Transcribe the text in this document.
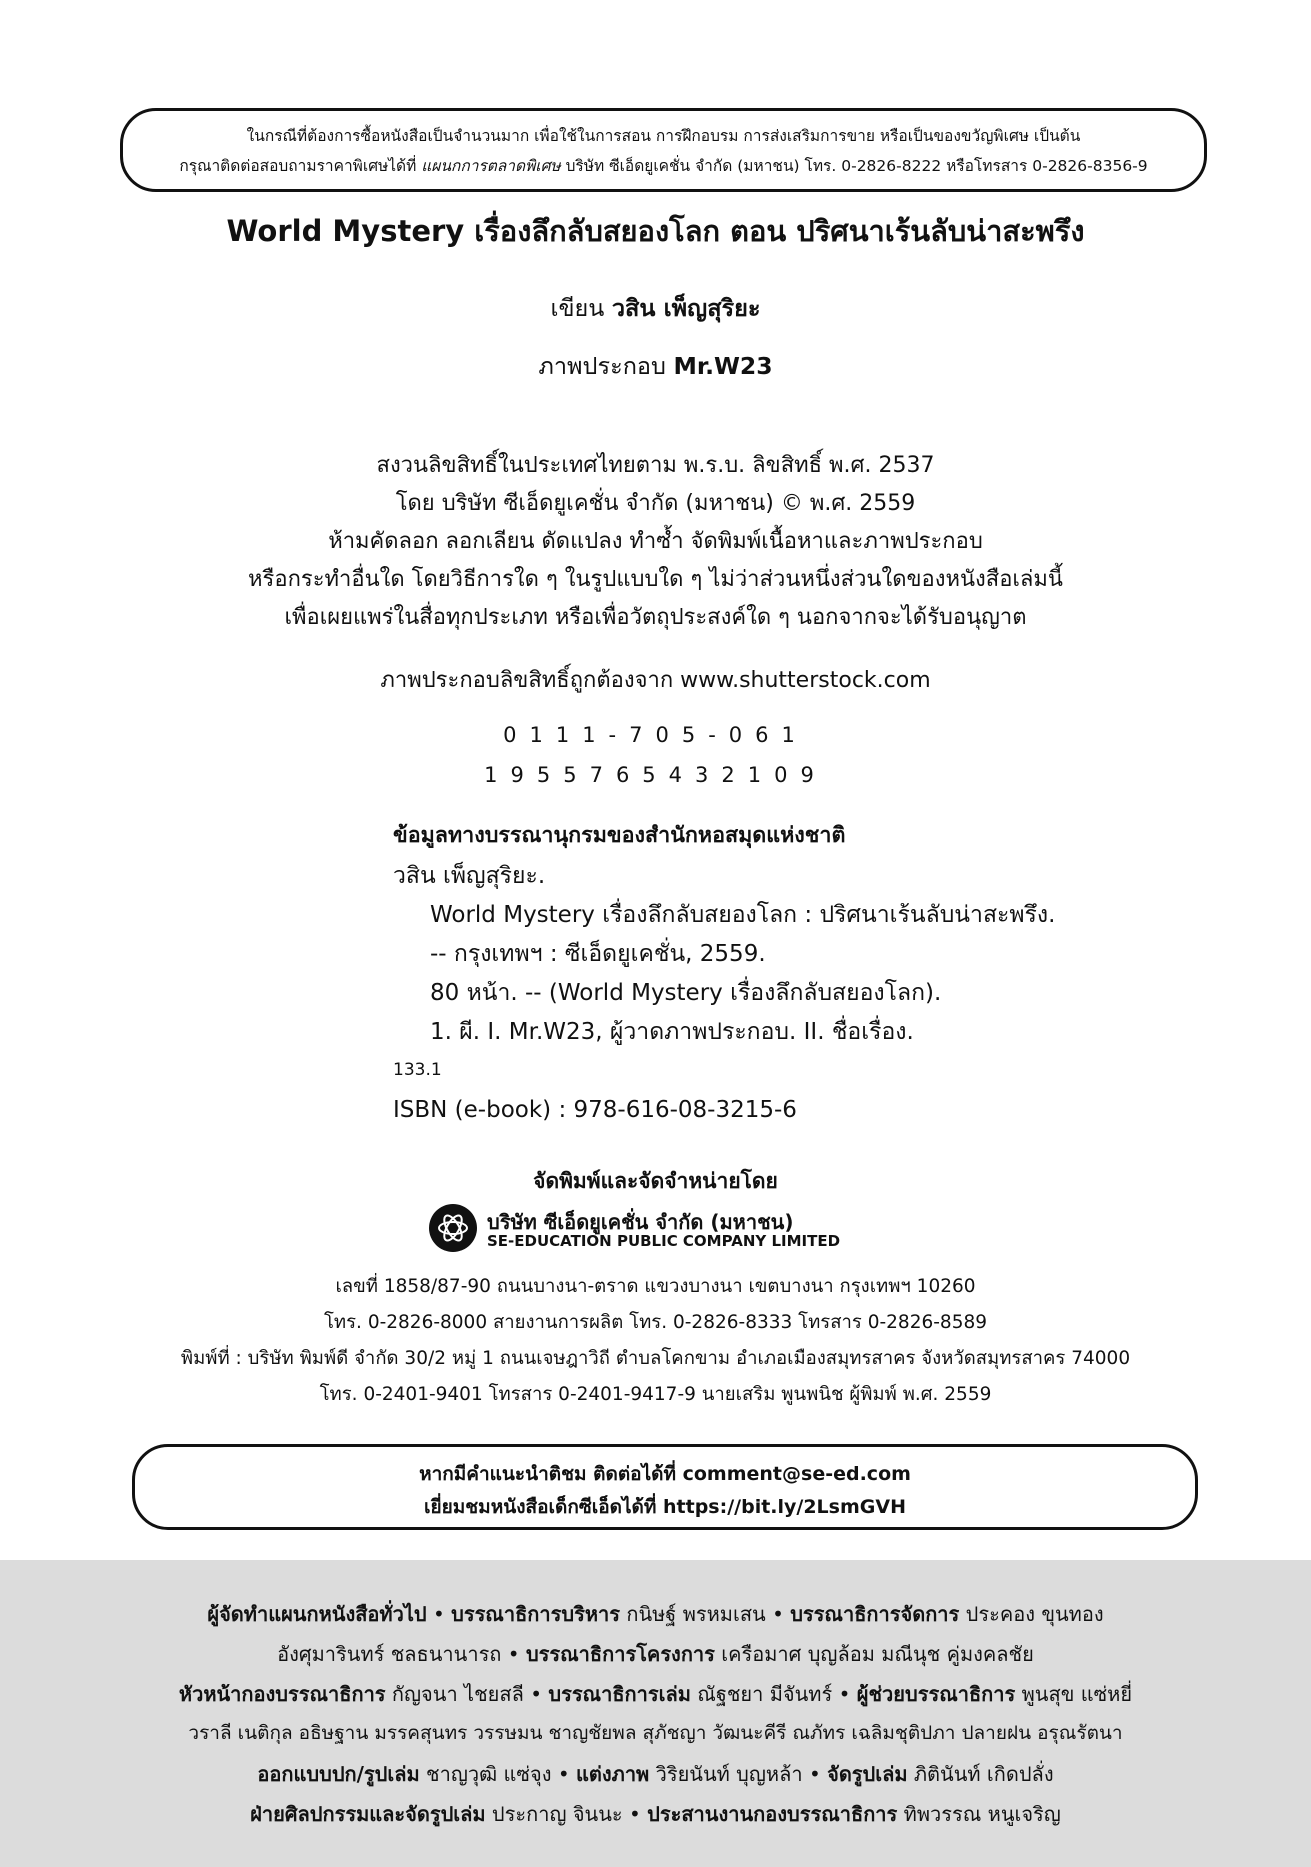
ในกรณีที่ต้องการซื้อหนังสือเป็นจำนวนมาก เพื่อใช้ในการสอน การฝึกอบรม การส่งเสริมการขาย หรือเป็นของขวัญพิเศษ เป็นต้น
กรุณาติดต่อสอบถามราคาพิเศษได้ที่ แผนกการตลาดพิเศษ บริษัท ซีเอ็ดยูเคชั่น จำกัด (มหาชน) โทร. 0-2826-8222 หรือโทรสาร 0-2826-8356-9
World Mystery เรื่องลึกลับสยองโลก ตอน ปริศนาเร้นลับน่าสะพรึง
เขียน วสิน เพ็ญสุริยะ
ภาพประกอบ Mr.W23
สงวนลิขสิทธิ์ในประเทศไทยตาม พ.ร.บ. ลิขสิทธิ์ พ.ศ. 2537
โดย บริษัท ซีเอ็ดยูเคชั่น จำกัด (มหาชน) © พ.ศ. 2559
ห้ามคัดลอก ลอกเลียน ดัดแปลง ทำซ้ำ จัดพิมพ์เนื้อหาและภาพประกอบ
หรือกระทำอื่นใด โดยวิธีการใด ๆ ในรูปแบบใด ๆ ไม่ว่าส่วนหนึ่งส่วนใดของหนังสือเล่มนี้
เพื่อเผยแพร่ในสื่อทุกประเภท หรือเพื่อวัตถุประสงค์ใด ๆ นอกจากจะได้รับอนุญาต
ภาพประกอบลิขสิทธิ์ถูกต้องจาก www.shutterstock.com
0111-705-061
1955765432109
ข้อมูลทางบรรณานุกรมของสำนักหอสมุดแห่งชาติ
วสิน เพ็ญสุริยะ.
World Mystery เรื่องลึกลับสยองโลก : ปริศนาเร้นลับน่าสะพรึง.
-- กรุงเทพฯ : ซีเอ็ดยูเคชั่น, 2559.
80 หน้า. -- (World Mystery เรื่องลึกลับสยองโลก).
1. ผี. I. Mr.W23, ผู้วาดภาพประกอบ. II. ชื่อเรื่อง.
133.1
ISBN (e-book) : 978-616-08-3215-6
จัดพิมพ์และจัดจำหน่ายโดย
บริษัท ซีเอ็ดยูเคชั่น จำกัด (มหาชน)
SE-EDUCATION PUBLIC COMPANY LIMITED
เลขที่ 1858/87-90 ถนนบางนา-ตราด แขวงบางนา เขตบางนา กรุงเทพฯ 10260
โทร. 0-2826-8000 สายงานการผลิต โทร. 0-2826-8333 โทรสาร 0-2826-8589
พิมพ์ที่ : บริษัท พิมพ์ดี จำกัด 30/2 หมู่ 1 ถนนเจษฎาวิถี ตำบลโคกขาม อำเภอเมืองสมุทรสาคร จังหวัดสมุทรสาคร 74000
โทร. 0-2401-9401 โทรสาร 0-2401-9417-9 นายเสริม พูนพนิช ผู้พิมพ์ พ.ศ. 2559
หากมีคำแนะนำติชม ติดต่อได้ที่ comment@se-ed.com
เยี่ยมชมหนังสือเด็กซีเอ็ดได้ที่ https://bit.ly/2LsmGVH
ผู้จัดทำแผนกหนังสือทั่วไป • บรรณาธิการบริหาร กนิษฐ์ พรหมเสน • บรรณาธิการจัดการ ประคอง ขุนทอง
อังศุมารินทร์ ชลธนานารถ • บรรณาธิการโครงการ เครือมาศ บุญล้อม มณีนุช คู่มงคลชัย
หัวหน้ากองบรรณาธิการ กัญจนา ไชยสลี • บรรณาธิการเล่ม ณัฐชยา มีจันทร์ • ผู้ช่วยบรรณาธิการ พูนสุข แซ่หยี่
วราลี เนติกุล อธิษฐาน มรรคสุนทร วรรษมน ชาญชัยพล สุภัชญา วัฒนะคีรี ณภัทร เฉลิมชุติปภา ปลายฝน อรุณรัตนา
ออกแบบปก/รูปเล่ม ชาญวุฒิ แซ่จุง • แต่งภาพ วิริยนันท์ บุญหล้า • จัดรูปเล่ม ภิตินันท์ เกิดปลั่ง
ฝ่ายศิลปกรรมและจัดรูปเล่ม ประกาญ จินนะ • ประสานงานกองบรรณาธิการ ทิพวรรณ หนูเจริญ
